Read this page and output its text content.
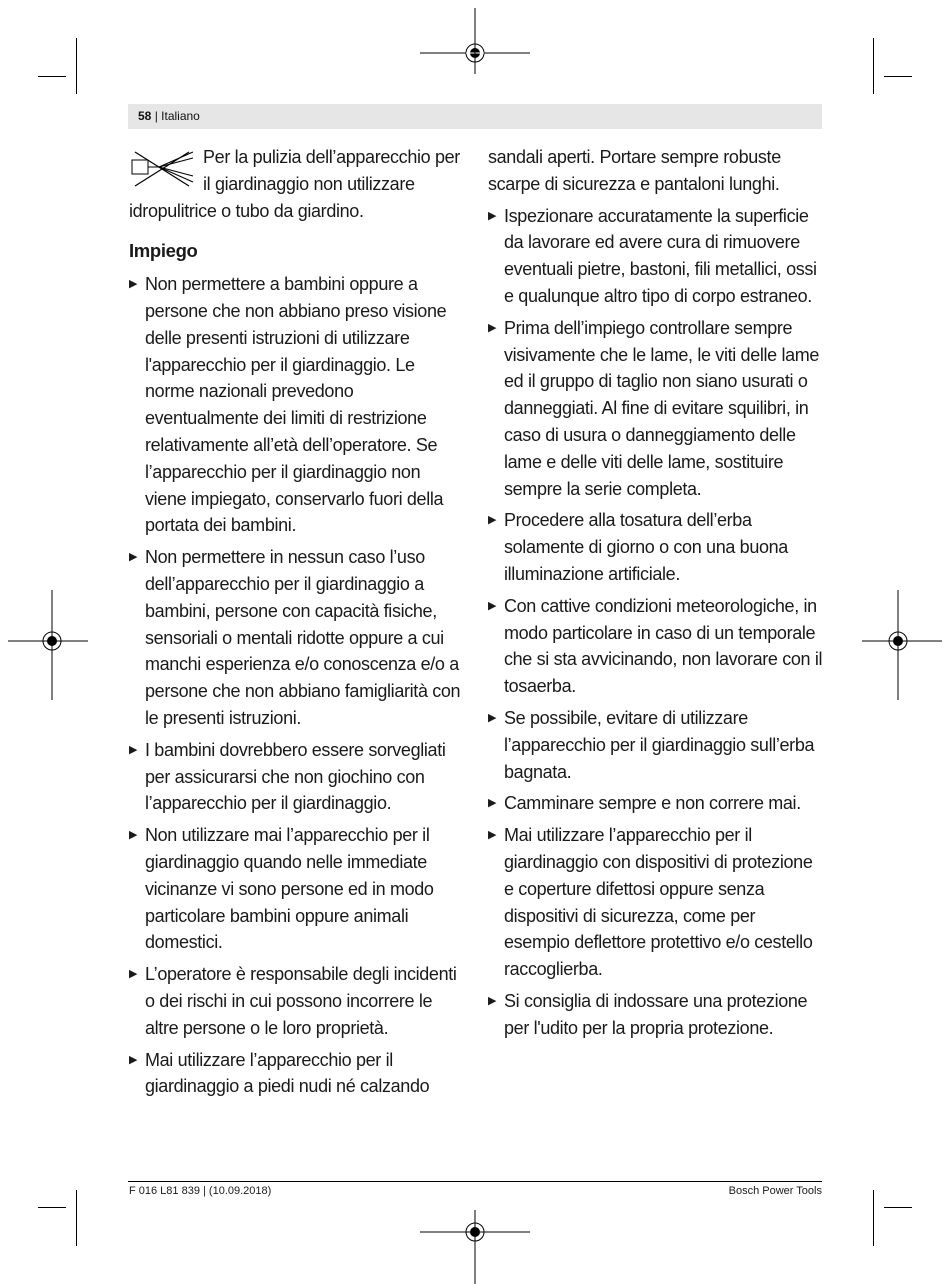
58 | Italiano

Per la pulizia dell’apparecchio per il giardinaggio non utilizzare idropulitrice o tubo da giardino.

Impiego
▶ Non permettere a bambini oppure a persone che non abbiano preso visione delle presenti istruzioni di utilizzare l'apparecchio per il giardinaggio. Le norme nazionali prevedono eventualmente dei limiti di restrizione relativamente all’età dell’operatore. Se l’apparecchio per il giardinaggio non viene impiegato, conservarlo fuori della portata dei bambini.
▶ Non permettere in nessun caso l’uso dell’apparecchio per il giardinaggio a bambini, persone con capacità fisiche, sensoriali o mentali ridotte oppure a cui manchi esperienza e/o conoscenza e/o a persone che non abbiano famigliarità con le presenti istruzioni.
▶ I bambini dovrebbero essere sorvegliati per assicurarsi che non giochino con l’apparecchio per il giardinaggio.
▶ Non utilizzare mai l’apparecchio per il giardinaggio quando nelle immediate vicinanze vi sono persone ed in modo particolare bambini oppure animali domestici.
▶ L’operatore è responsabile degli incidenti o dei rischi in cui possono incorrere le altre persone o le loro proprietà.
▶ Mai utilizzare l’apparecchio per il giardinaggio a piedi nudi né calzando

sandali aperti. Portare sempre robuste scarpe di sicurezza e pantaloni lunghi.

▶ Ispezionare accuratamente la superficie da lavorare ed avere cura di rimuovere eventuali pietre, bastoni, fili metallici, ossi e qualunque altro tipo di corpo estraneo.
▶ Prima dell’impiego controllare sempre visivamente che le lame, le viti delle lame ed il gruppo di taglio non siano usurati o danneggiati. Al fine di evitare squilibri, in caso di usura o danneggiamento delle lame e delle viti delle lame, sostituire sempre la serie completa.
▶ Procedere alla tosatura dell’erba solamente di giorno o con una buona illuminazione artificiale.
▶ Con cattive condizioni meteorologiche, in modo particolare in caso di un temporale che si sta avvicinando, non lavorare con il tosaerba.
▶ Se possibile, evitare di utilizzare l’apparecchio per il giardinaggio sull’erba bagnata.
▶ Camminare sempre e non correre mai.
▶ Mai utilizzare l’apparecchio per il giardinaggio con dispositivi di protezione e coperture difettosi oppure senza dispositivi di sicurezza, come per esempio deflettore protettivo e/o cestello raccoglierba.
▶ Si consiglia di indossare una protezione per l'udito per la propria protezione.
F 016 L81 839 | (10.09.2018)	Bosch Power Tools
